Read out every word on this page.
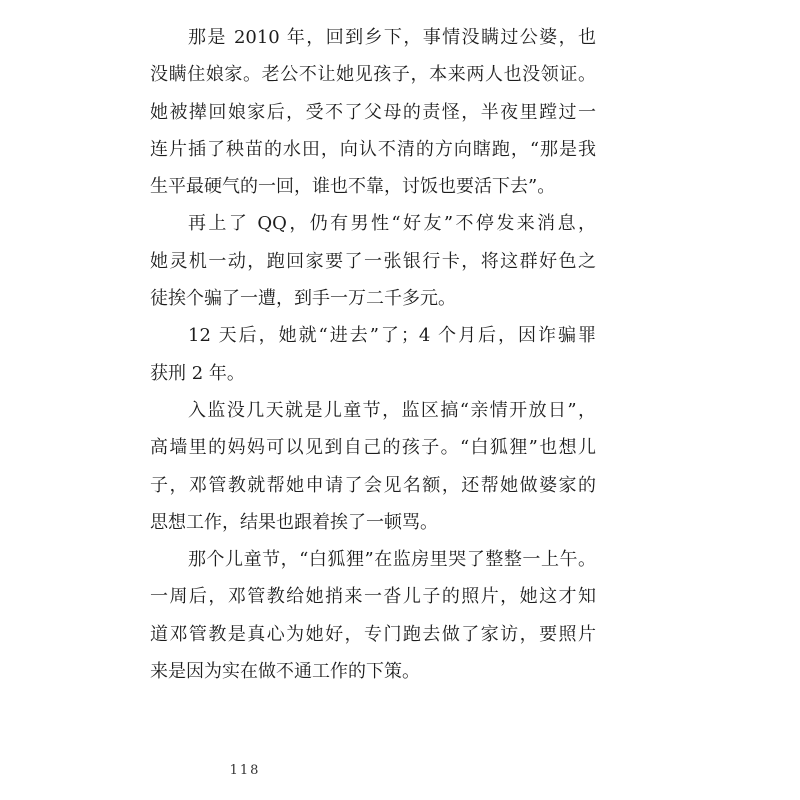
那是 2010 年，回到乡下，事情没瞒过公婆，也
没瞒住娘家。老公不让她见孩子，本来两人也没领证。
她被撵回娘家后，受不了父母的责怪，半夜里蹚过一
连片插了秧苗的水田，向认不清的方向瞎跑，“那是我
生平最硬气的一回，谁也不靠，讨饭也要活下去”。
再上了 QQ，仍有男性“好友”不停发来消息，
她灵机一动，跑回家要了一张银行卡，将这群好色之
徒挨个骗了一遭，到手一万二千多元。
12 天后，她就“进去”了；4 个月后，因诈骗罪
获刑 2 年。
入监没几天就是儿童节，监区搞“亲情开放日”，
高墙里的妈妈可以见到自己的孩子。“白狐狸”也想儿
子，邓管教就帮她申请了会见名额，还帮她做婆家的
思想工作，结果也跟着挨了一顿骂。
那个儿童节，“白狐狸”在监房里哭了整整一上午。
一周后，邓管教给她捎来一沓儿子的照片，她这才知
道邓管教是真心为她好，专门跑去做了家访，要照片
来是因为实在做不通工作的下策。
118
